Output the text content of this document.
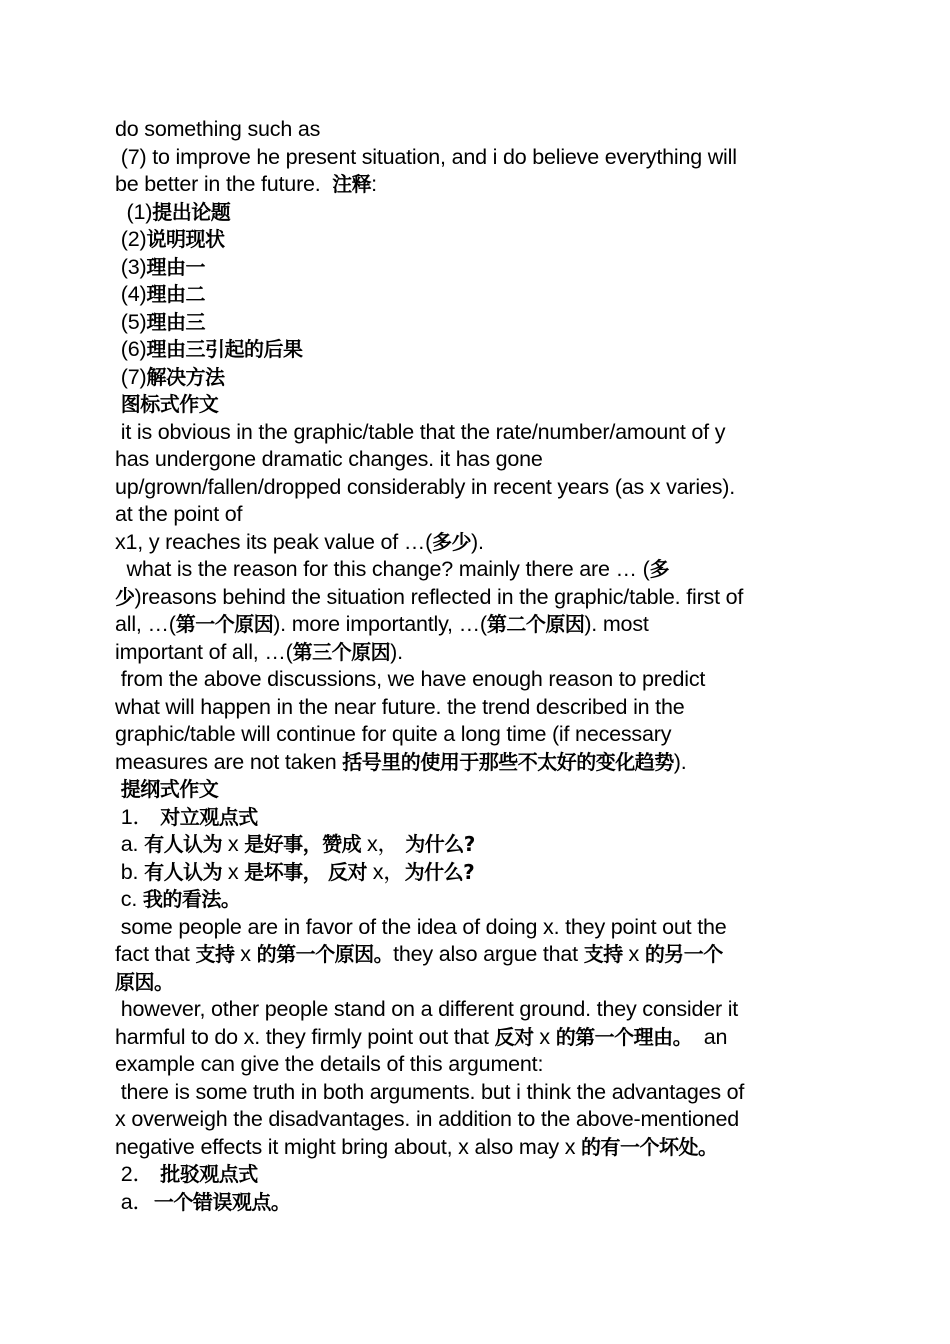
do something such as
(7) to improve he present situation, and i do believe everything will
be better in the future.  注释:
(1)提出论题
(2)说明现状
(3)理由一
(4)理由二
(5)理由三
(6)理由三引起的后果
(7)解决方法
图标式作文
it is obvious in the graphic/table that the rate/number/amount of y
has undergone dramatic changes. it has gone
up/grown/fallen/dropped considerably in recent years (as x varies).
at the point of
x1, y reaches its peak value of …(多少).
what is the reason for this change? mainly there are … (多
少)reasons behind the situation reflected in the graphic/table. first of
all, …(第一个原因). more importantly, …(第二个原因). most
important of all, …(第三个原因).
from the above discussions, we have enough reason to predict
what will happen in the near future. the trend described in the
graphic/table will continue for quite a long time (if necessary
measures are not taken 括号里的使用于那些不太好的变化趋势).
提纲式作文
1． 对立观点式
a. 有人认为 x 是好事，赞成 x， 为什么?
b. 有人认为 x 是坏事， 反对 x，为什么?
c. 我的看法。
some people are in favor of the idea of doing x. they point out the
fact that 支持 x 的第一个原因。they also argue that 支持 x 的另一个
原因。
however, other people stand on a different ground. they consider it
harmful to do x. they firmly point out that 反对 x 的第一个理由。  an
example can give the details of this argument:
there is some truth in both arguments. but i think the advantages of
x overweigh the disadvantages. in addition to the above-mentioned
negative effects it might bring about, x also may x 的有一个坏处。
2． 批驳观点式
a．一个错误观点。
